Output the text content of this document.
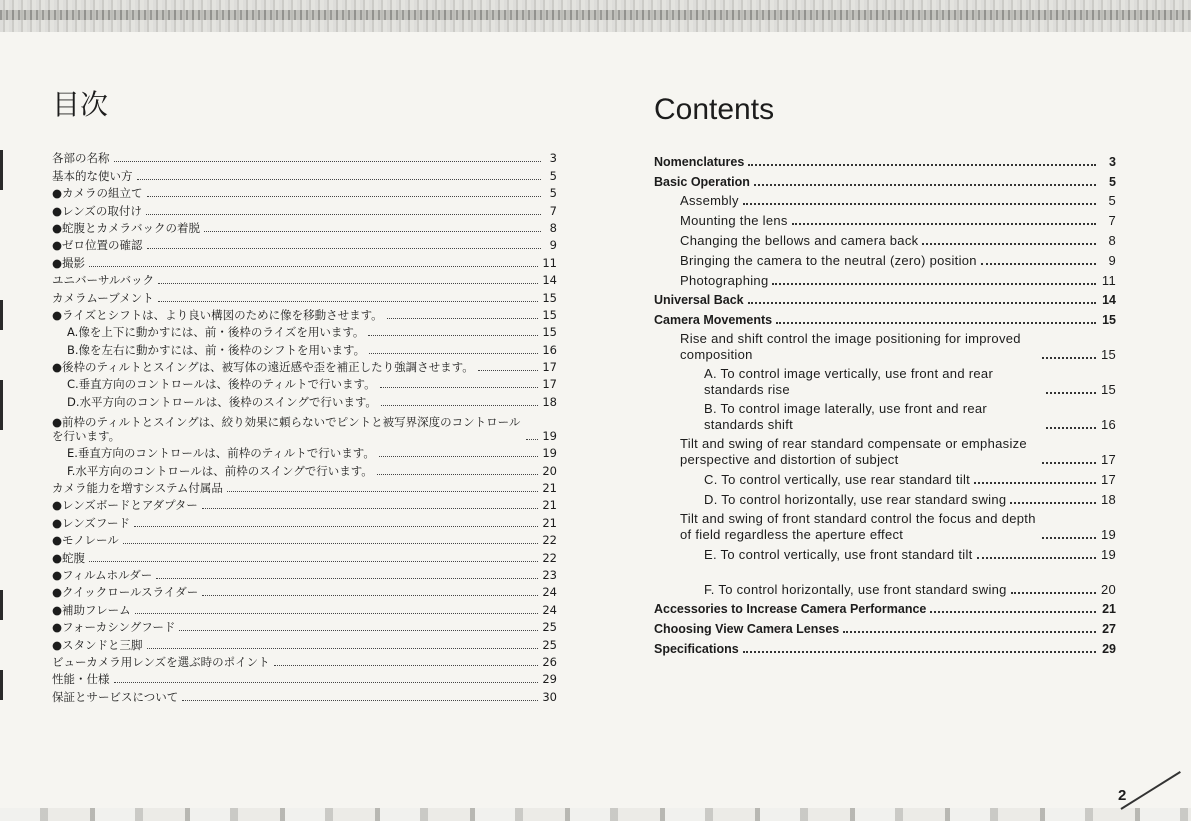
目次
各部の名称	3
基本的な使い方	5
●カメラの組立て	5
●レンズの取付け	7
●蛇腹とカメラバックの着脱	8
●ゼロ位置の確認	9
●撮影	11
ユニバーサルバック	14
カメラムーブメント	15
●ライズとシフトは、より良い構図のために像を移動させます。	15
A.像を上下に動かすには、前・後枠のライズを用います。	15
B.像を左右に動かすには、前・後枠のシフトを用います。	16
●後枠のティルトとスイングは、被写体の遠近感や歪を補正したり強調させます。	17
C.垂直方向のコントロールは、後枠のティルトで行います。	17
D.水平方向のコントロールは、後枠のスイングで行います。	18
●前枠のティルトとスイングは、絞り効果に頼らないでピントと被写界深度のコントロールを行います。	19
E.垂直方向のコントロールは、前枠のティルトで行います。	19
F.水平方向のコントロールは、前枠のスイングで行います。	20
カメラ能力を増すシステム付属品	21
●レンズボードとアダプター	21
●レンズフード	21
●モノレール	22
●蛇腹	22
●フィルムホルダー	23
●クイックロールスライダー	24
●補助フレーム	24
●フォーカシングフード	25
●スタンドと三脚	25
ビューカメラ用レンズを選ぶ時のポイント	26
性能・仕様	29
保証とサービスについて	30
Contents
Nomenclatures	3
Basic Operation	5
Assembly	5
Mounting the lens	7
Changing the bellows and camera back	8
Bringing the camera to the neutral (zero) position	9
Photographing	11
Universal Back	14
Camera Movements	15
Rise and shift control the image positioning for improved composition	15
A. To control image vertically, use front and rear standards rise	15
B. To control image laterally, use front and rear standards shift	16
Tilt and swing of rear standard compensate or emphasize perspective and distortion of subject	17
C. To control vertically, use rear standard tilt	17
D. To control horizontally, use rear standard swing	18
Tilt and swing of front standard control the focus and depth of field regardless the aperture effect	19
E. To control vertically, use front standard tilt	19
F. To control horizontally, use front standard swing	20
Accessories to Increase Camera Performance	21
Choosing View Camera Lenses	27
Specifications	29
2
